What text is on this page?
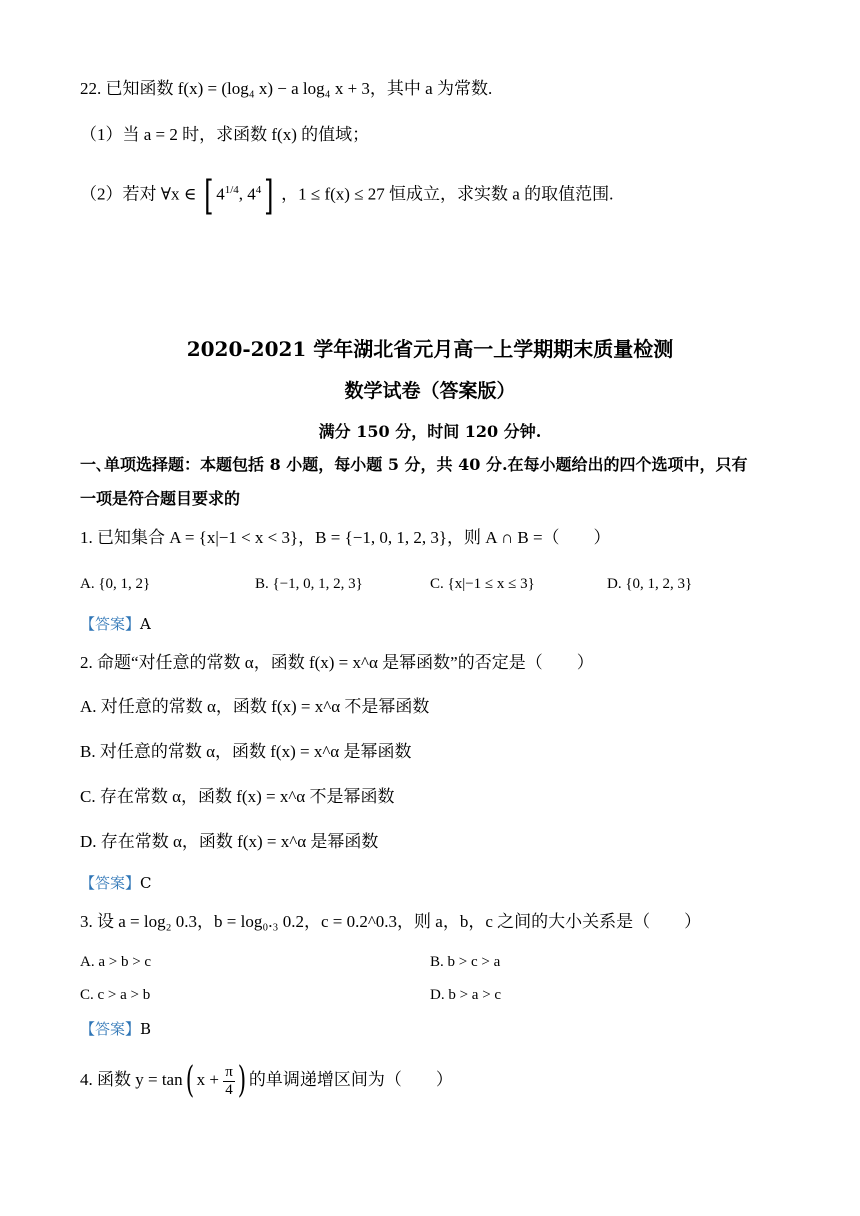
22. 已知函数 f(x) = (log₄ x) − a log₄ x + 3，其中 a 为常数.
（1）当 a = 2 时，求函数 f(x) 的值域；
（2）若对 ∀x ∈ [ $4^{1/4}$, $4^4$] ，1 ≤ f(x) ≤ 27 恒成立，求实数 a 的取值范围.
2020-2021 学年湖北省元月高一上学期期末质量检测
数学试卷（答案版）
满分 150 分，时间 120 分钟.
一､单项选择题：本题包括 8 小题，每小题 5 分，共 40 分.在每小题给出的四个选项中，只有
一项是符合题目要求的
1. 已知集合 A = {x|−1 < x < 3}，B = {−1, 0, 1, 2, 3}，则 A ∩ B =（　　）
A. {0, 1, 2}	B. {−1, 0, 1, 2, 3}	C. {x|−1 ≤ x ≤ 3}	D. {0, 1, 2, 3}
【答案】A
2. 命题“对任意的常数 α，函数 f(x) = x^α 是幂函数”的否定是（　　）
A. 对任意的常数 α，函数 f(x) = x^α 不是幂函数
B. 对任意的常数 α，函数 f(x) = x^α 是幂函数
C. 存在常数 α，函数 f(x) = x^α 不是幂函数
D. 存在常数 α，函数 f(x) = x^α 是幂函数
【答案】C
3. 设 a = log₂ 0.3，b = log₀.₃ 0.2，c = 0.2^0.3，则 a，b，c 之间的大小关系是（　　）
A. a > b > c	B. b > c > a
C. c > a > b	D. b > a > c
【答案】B
4. 函数 y = tan( $x + \frac{\pi}{4}$ ) 的单调递增区间为（　　）
